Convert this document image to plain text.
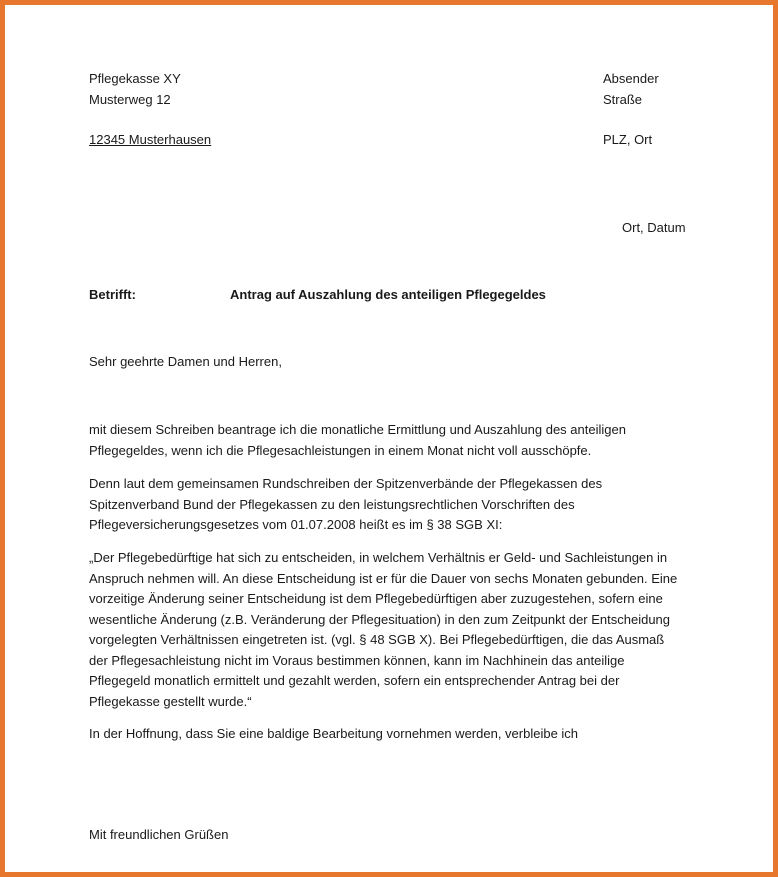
Pflegekasse XY
Musterweg 12
12345 Musterhausen
Absender
Straße
PLZ, Ort
Ort, Datum
Betrifft:	Antrag auf Auszahlung des anteiligen Pflegegeldes
Sehr geehrte Damen und Herren,
mit diesem Schreiben beantrage ich die monatliche Ermittlung und Auszahlung des anteiligen
Pflegegeldes, wenn ich die Pflegesachleistungen in einem Monat nicht voll ausschöpfe.
Denn laut dem gemeinsamen Rundschreiben der Spitzenverbände der Pflegekassen des
Spitzenverband Bund der Pflegekassen zu den leistungsrechtlichen Vorschriften des
Pflegeversicherungsgesetzes vom 01.07.2008 heißt es im § 38 SGB XI:
„Der Pflegebedürftige hat sich zu entscheiden, in welchem Verhältnis er Geld- und Sachleistungen in
Anspruch nehmen will. An diese Entscheidung ist er für die Dauer von sechs Monaten gebunden. Eine
vorzeitige Änderung seiner Entscheidung ist dem Pflegebedürftigen aber zuzugestehen, sofern eine
wesentliche Änderung (z.B. Veränderung der Pflegesituation) in den zum Zeitpunkt der Entscheidung
vorgelegten Verhältnissen eingetreten ist. (vgl. § 48 SGB X). Bei Pflegebedürftigen, die das Ausmaß
der Pflegesachleistung nicht im Voraus bestimmen können, kann im Nachhinein das anteilige
Pflegegeld monatlich ermittelt und gezahlt werden, sofern ein entsprechender Antrag bei der
Pflegekasse gestellt wurde.“
In der Hoffnung, dass Sie eine baldige Bearbeitung vornehmen werden, verbleibe ich
Mit freundlichen Grüßen
